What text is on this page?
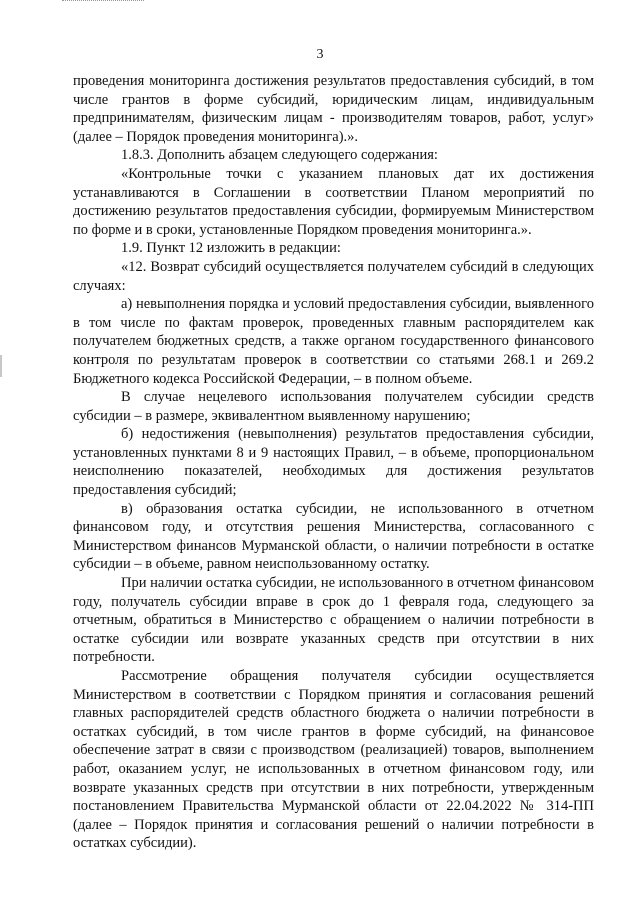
3

проведения мониторинга достижения результатов предоставления субсидий, в том числе грантов в форме субсидий, юридическим лицам, индивидуальным предпринимателям, физическим лицам - производителям товаров, работ, услуг» (далее – Порядок проведения мониторинга).».

1.8.3. Дополнить абзацем следующего содержания:

«Контрольные точки с указанием плановых дат их достижения устанавливаются в Соглашении в соответствии Планом мероприятий по достижению результатов предоставления субсидии, формируемым Министерством по форме и в сроки, установленные Порядком проведения мониторинга.».

1.9. Пункт 12 изложить в редакции:

«12. Возврат субсидий осуществляется получателем субсидий в следующих случаях:

а) невыполнения порядка и условий предоставления субсидии, выявленного в том числе по фактам проверок, проведенных главным распорядителем как получателем бюджетных средств, а также органом государственного финансового контроля по результатам проверок в соответствии со статьями 268.1 и 269.2 Бюджетного кодекса Российской Федерации, – в полном объеме.

В случае нецелевого использования получателем субсидии средств субсидии – в размере, эквивалентном выявленному нарушению;

б) недостижения (невыполнения) результатов предоставления субсидии, установленных пунктами 8 и 9 настоящих Правил, – в объеме, пропорциональном неисполнению показателей, необходимых для достижения результатов предоставления субсидий;

в) образования остатка субсидии, не использованного в отчетном финансовом году, и отсутствия решения Министерства, согласованного с Министерством финансов Мурманской области, о наличии потребности в остатке субсидии – в объеме, равном неиспользованному остатку.

При наличии остатка субсидии, не использованного в отчетном финансовом году, получатель субсидии вправе в срок до 1 февраля года, следующего за отчетным, обратиться в Министерство с обращением о наличии потребности в остатке субсидии или возврате указанных средств при отсутствии в них потребности.

Рассмотрение обращения получателя субсидии осуществляется Министерством в соответствии с Порядком принятия и согласования решений главных распорядителей средств областного бюджета о наличии потребности в остатках субсидий, в том числе грантов в форме субсидий, на финансовое обеспечение затрат в связи с производством (реализацией) товаров, выполнением работ, оказанием услуг, не использованных в отчетном финансовом году, или возврате указанных средств при отсутствии в них потребности, утвержденным постановлением Правительства Мурманской области от 22.04.2022 № 314-ПП (далее – Порядок принятия и согласования решений о наличии потребности в остатках субсидии).
